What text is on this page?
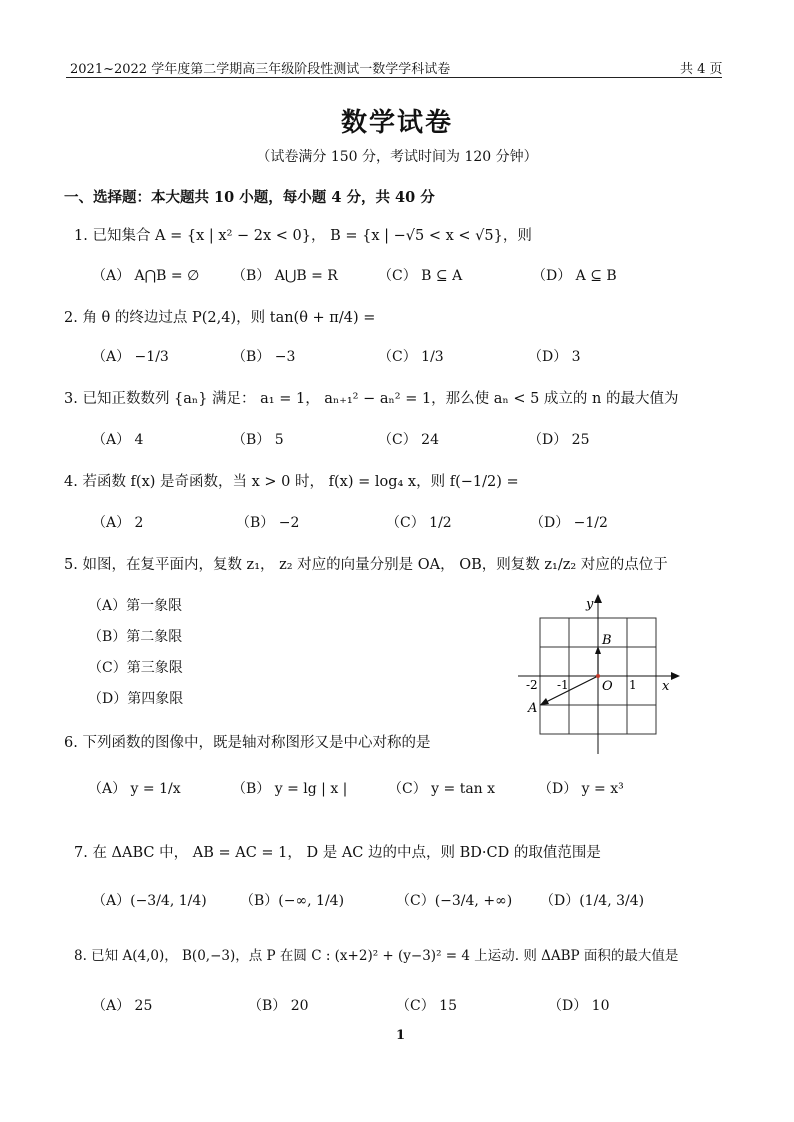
2021~2022 学年度第二学期高三年级阶段性测试一数学学科试卷	共 4 页
数学试卷
（试卷满分 150 分，考试时间为 120 分钟）
一、选择题：本大题共 10 小题，每小题 4 分，共 40 分
1. 已知集合 A = {x | x² − 2x < 0}， B = {x | −√5 < x < √5}，则
（A） A⋂B = ∅ （B） A⋃B = R	（C） B ⊆ A	（D） A ⊆ B
2. 角 θ 的终边过点 P(2,4)，则 tan(θ + π/4) =
（A） −1/3	（B） −3	（C） 1/3	（D） 3
3. 已知正数数列 {aₙ} 满足： a₁ = 1， aₙ₊₁² − aₙ² = 1，那么使 aₙ < 5 成立的 n 的最大值为
（A） 4	（B） 5	（C） 24	（D） 25
4. 若函数 f(x) 是奇函数，当 x > 0 时， f(x) = log₄ x，则 f(−1/2) =
（A） 2	（B） −2	（C） 1/2	（D） −1/2
5. 如图，在复平面内，复数 z₁， z₂ 对应的向量分别是 OA， OB，则复数 z₁/z₂ 对应的点位于
（A）第一象限
（B）第二象限
（C）第三象限
（D）第四象限
y
x
O
B
A
-2 -1	1
6. 下列函数的图像中，既是轴对称图形又是中心对称的是
（A） y = 1/x	（B） y = lg | x |	（C） y = tan x	（D） y = x³
7. 在 ΔABC 中， AB = AC = 1， D 是 AC 边的中点，则 BD·CD 的取值范围是
（A）(−3/4, 1/4) （B）(−∞, 1/4)	（C）(−3/4, +∞) （D）(1/4, 3/4)
8. 已知 A(4,0)， B(0,−3)，点 P 在圆 C : (x+2)² + (y−3)² = 4 上运动. 则 ΔABP 面积的最大值是
（A） 25	（B） 20	（C） 15	（D） 10
1
